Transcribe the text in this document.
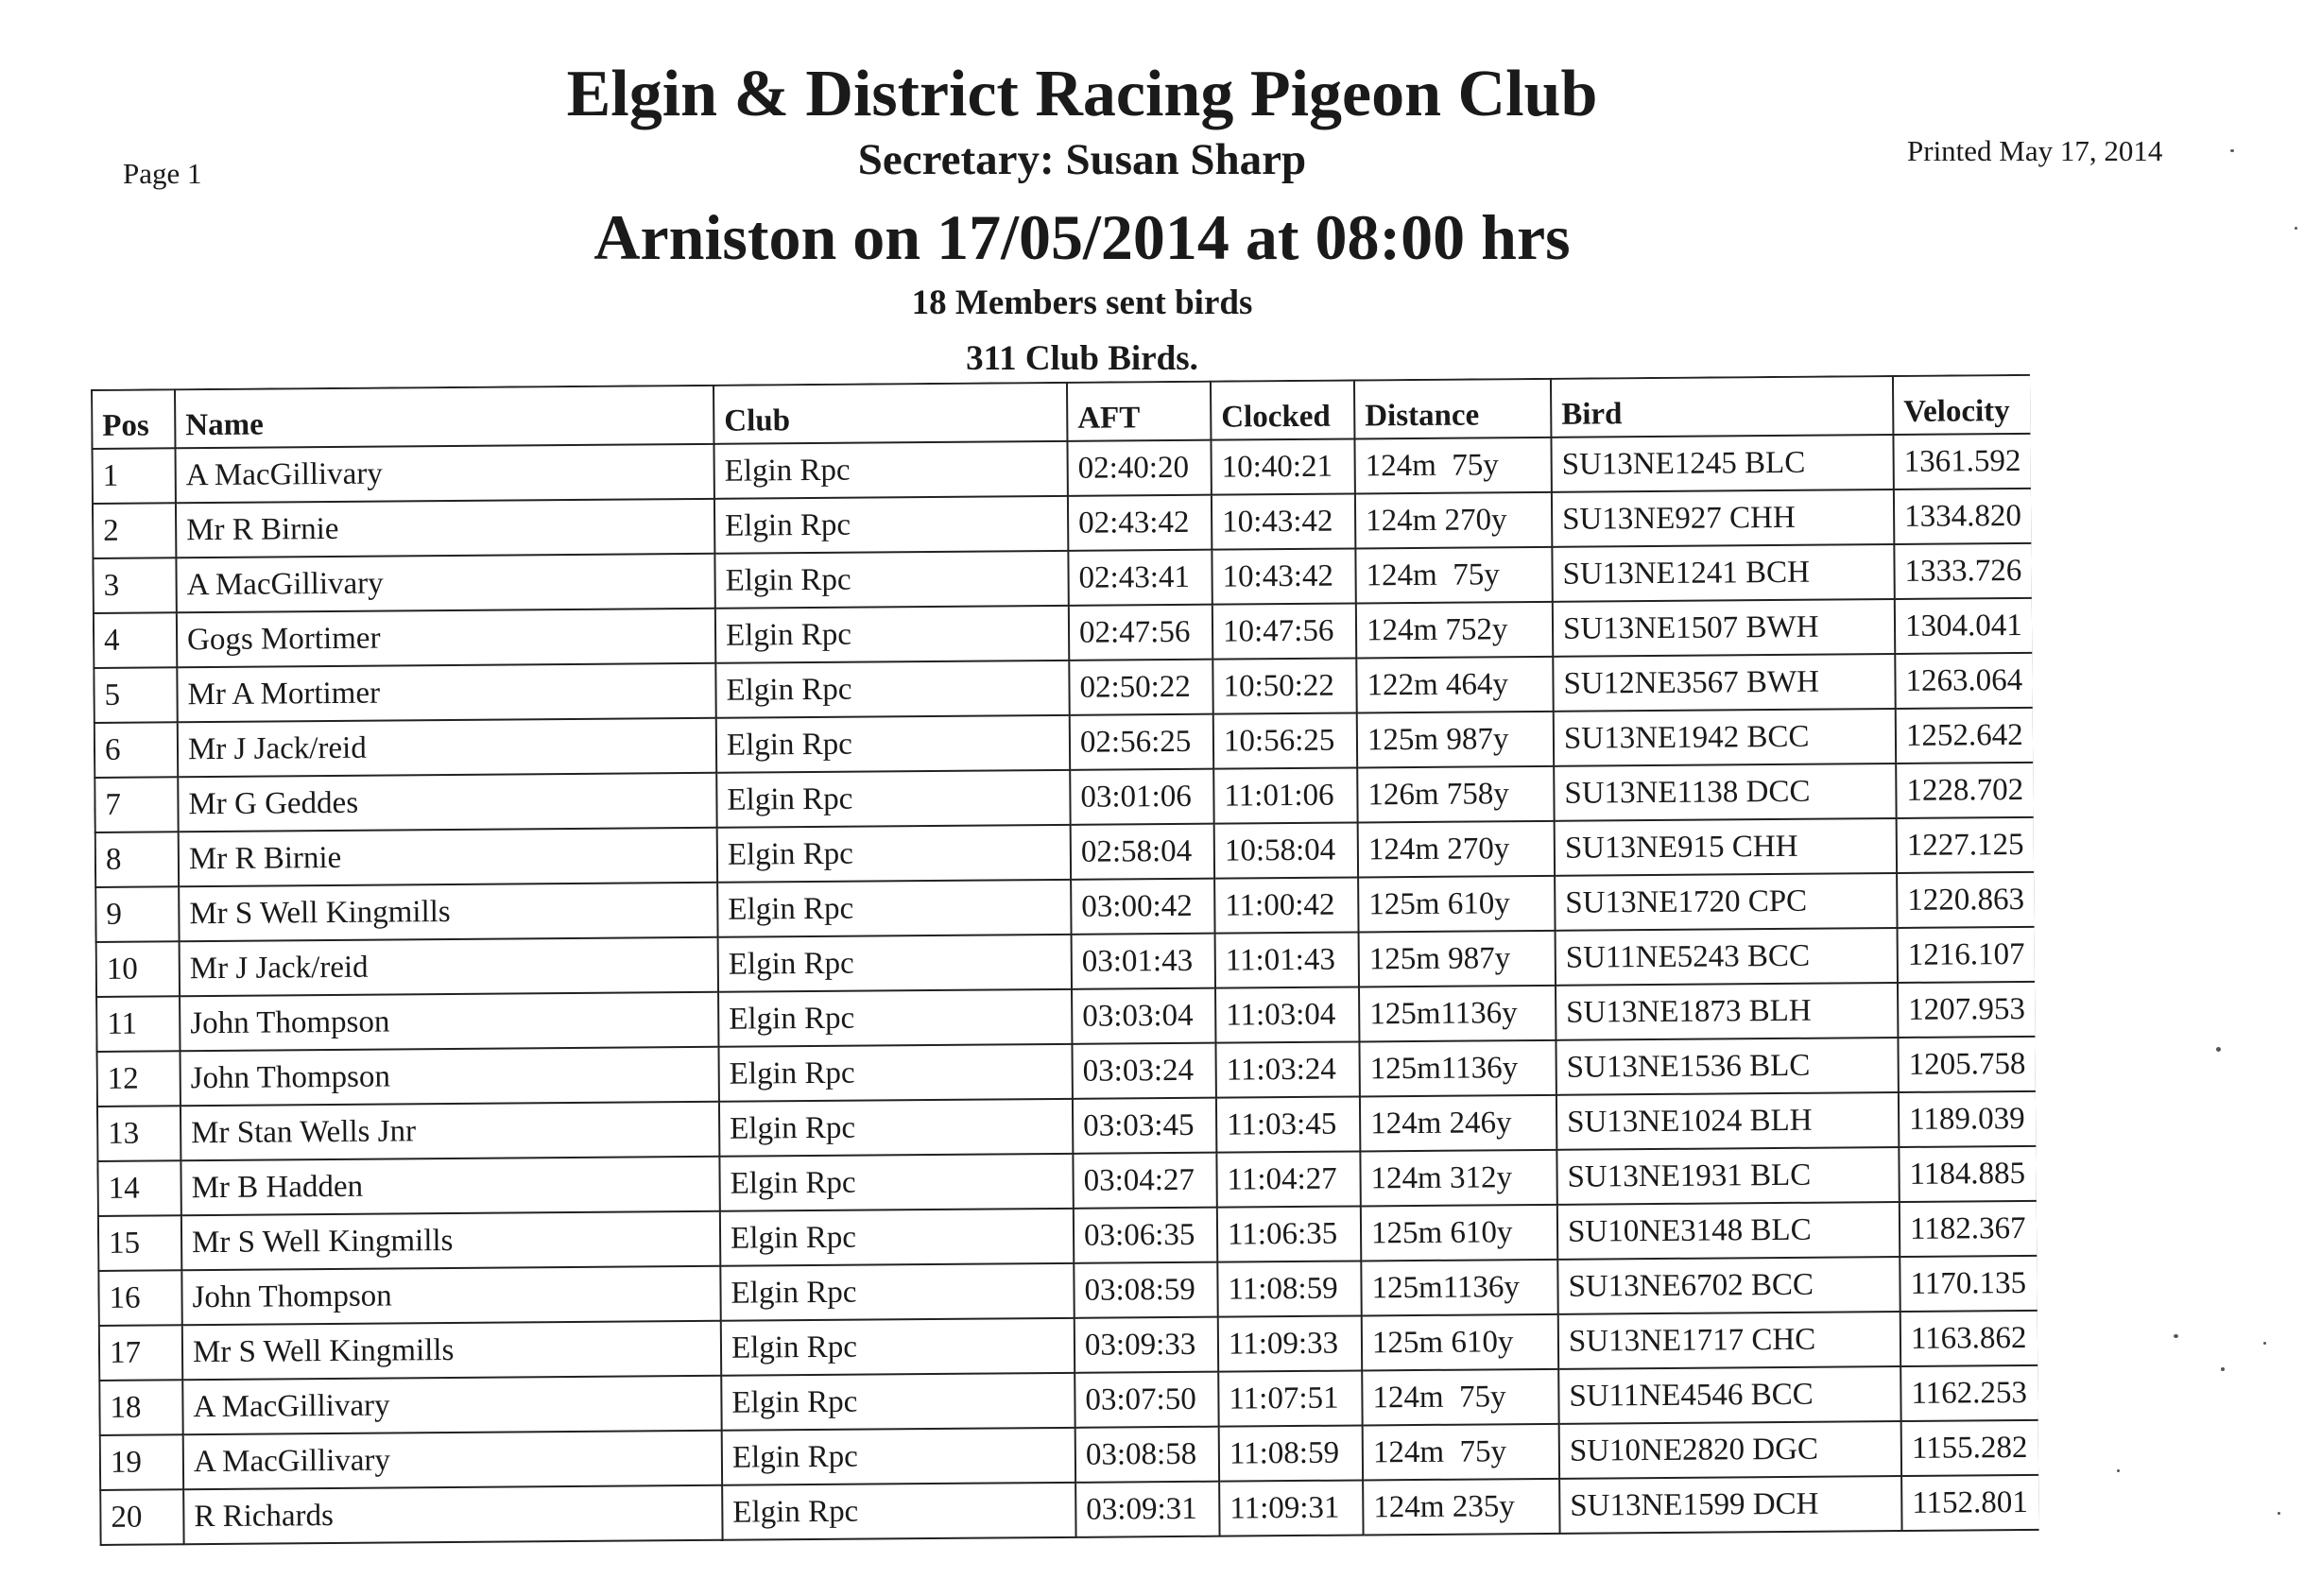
Page 1
Printed May 17, 2014
Elgin & District Racing Pigeon Club
Secretary: Susan Sharp
Arniston on 17/05/2014 at 08:00 hrs
18 Members sent birds
311 Club Birds.
Pos	Name	Club	AFT	Clocked	Distance	Bird	Velocity
1	A MacGillivary	Elgin Rpc	02:40:20	10:40:21	124m  75y	SU13NE1245 BLC	1361.592
2	Mr R Birnie	Elgin Rpc	02:43:42	10:43:42	124m 270y	SU13NE927 CHH	1334.820
3	A MacGillivary	Elgin Rpc	02:43:41	10:43:42	124m  75y	SU13NE1241 BCH	1333.726
4	Gogs Mortimer	Elgin Rpc	02:47:56	10:47:56	124m 752y	SU13NE1507 BWH	1304.041
5	Mr A Mortimer	Elgin Rpc	02:50:22	10:50:22	122m 464y	SU12NE3567 BWH	1263.064
6	Mr J Jack/reid	Elgin Rpc	02:56:25	10:56:25	125m 987y	SU13NE1942 BCC	1252.642
7	Mr G Geddes	Elgin Rpc	03:01:06	11:01:06	126m 758y	SU13NE1138 DCC	1228.702
8	Mr R Birnie	Elgin Rpc	02:58:04	10:58:04	124m 270y	SU13NE915 CHH	1227.125
9	Mr S Well Kingmills	Elgin Rpc	03:00:42	11:00:42	125m 610y	SU13NE1720 CPC	1220.863
10	Mr J Jack/reid	Elgin Rpc	03:01:43	11:01:43	125m 987y	SU11NE5243 BCC	1216.107
11	John Thompson	Elgin Rpc	03:03:04	11:03:04	125m1136y	SU13NE1873 BLH	1207.953
12	John Thompson	Elgin Rpc	03:03:24	11:03:24	125m1136y	SU13NE1536 BLC	1205.758
13	Mr Stan Wells Jnr	Elgin Rpc	03:03:45	11:03:45	124m 246y	SU13NE1024 BLH	1189.039
14	Mr B Hadden	Elgin Rpc	03:04:27	11:04:27	124m 312y	SU13NE1931 BLC	1184.885
15	Mr S Well Kingmills	Elgin Rpc	03:06:35	11:06:35	125m 610y	SU10NE3148 BLC	1182.367
16	John Thompson	Elgin Rpc	03:08:59	11:08:59	125m1136y	SU13NE6702 BCC	1170.135
17	Mr S Well Kingmills	Elgin Rpc	03:09:33	11:09:33	125m 610y	SU13NE1717 CHC	1163.862
18	A MacGillivary	Elgin Rpc	03:07:50	11:07:51	124m  75y	SU11NE4546 BCC	1162.253
19	A MacGillivary	Elgin Rpc	03:08:58	11:08:59	124m  75y	SU10NE2820 DGC	1155.282
20	R Richards	Elgin Rpc	03:09:31	11:09:31	124m 235y	SU13NE1599 DCH	1152.801
